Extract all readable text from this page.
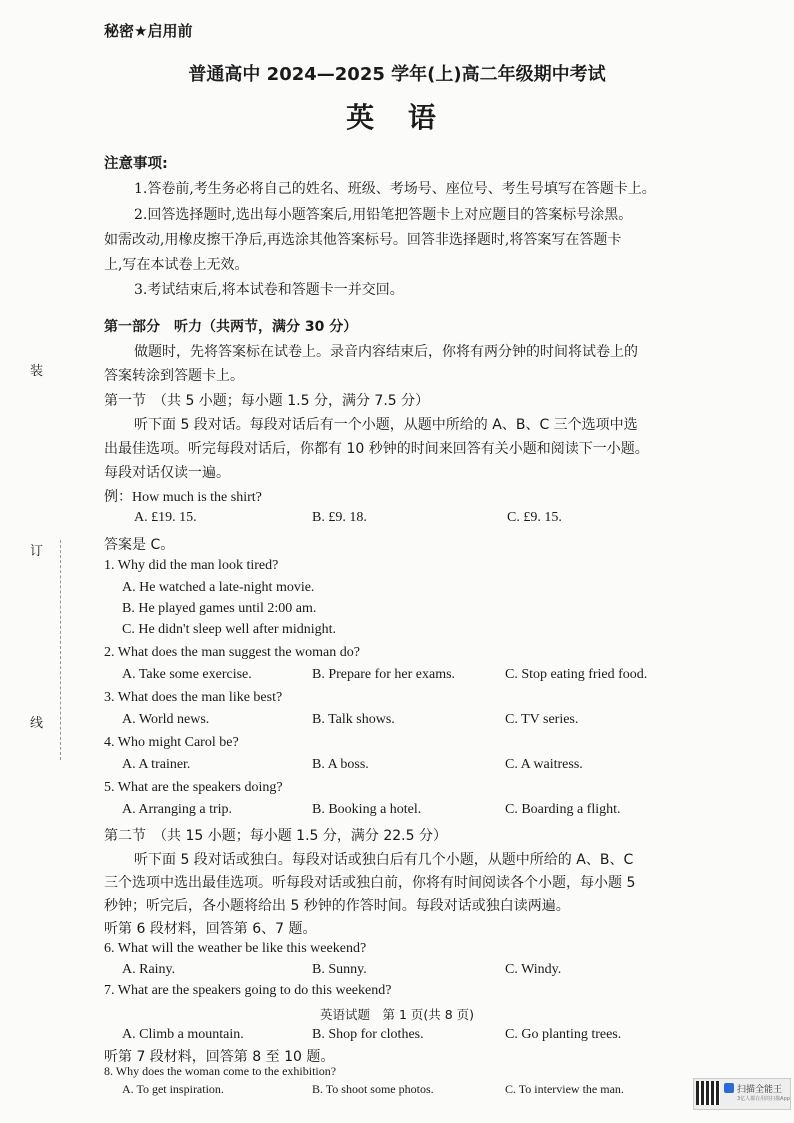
秘密★启用前
普通高中 2024—2025 学年(上)高二年级期中考试
英 语
注意事项:
1.答卷前,考生务必将自己的姓名、班级、考场号、座位号、考生号填写在答题卡上。
2.回答选择题时,选出每小题答案后,用铅笔把答题卡上对应题目的答案标号涂黑。
如需改动,用橡皮擦干净后,再选涂其他答案标号。回答非选择题时,将答案写在答题卡
上,写在本试卷上无效。
3.考试结束后,将本试卷和答题卡一并交回。
第一部分　听力（共两节，满分 30 分）
做题时，先将答案标在试卷上。录音内容结束后，你将有两分钟的时间将试卷上的
答案转涂到答题卡上。
第一节　（共 5 小题；每小题 1.5 分，满分 7.5 分）
听下面 5 段对话。每段对话后有一个小题，从题中所给的 A、B、C 三个选项中选
出最佳选项。听完每段对话后，你都有 10 秒钟的时间来回答有关小题和阅读下一小题。
每段对话仅读一遍。
例：How much is the shirt?
A. £19. 15.	B. £9. 18.	C. £9. 15.
答案是 C。
1. Why did the man look tired?
A. He watched a late-night movie.
B. He played games until 2:00 am.
C. He didn't sleep well after midnight.
2. What does the man suggest the woman do?
A. Take some exercise.	B. Prepare for her exams.	C. Stop eating fried food.
3. What does the man like best?
A. World news.	B. Talk shows.	C. TV series.
4. Who might Carol be?
A. A trainer.	B. A boss.	C. A waitress.
5. What are the speakers doing?
A. Arranging a trip.	B. Booking a hotel.	C. Boarding a flight.
第二节　（共 15 小题；每小题 1.5 分，满分 22.5 分）
听下面 5 段对话或独白。每段对话或独白后有几个小题，从题中所给的 A、B、C
三个选项中选出最佳选项。听每段对话或独白前，你将有时间阅读各个小题，每小题 5
秒钟；听完后，各小题将给出 5 秒钟的作答时间。每段对话或独白读两遍。
听第 6 段材料，回答第 6、7 题。
6. What will the weather be like this weekend?
A. Rainy.	B. Sunny.	C. Windy.
7. What are the speakers going to do this weekend?
英语试题　第 1 页(共 8 页)
A. Climb a mountain.	B. Shop for clothes.	C. Go planting trees.
听第 7 段材料，回答第 8 至 10 题。
8. Why does the woman come to the exhibition?
A. To get inspiration.	B. To shoot some photos.	C. To interview the man.
装
订
线
扫描全能王
3亿人都在用的扫描App
